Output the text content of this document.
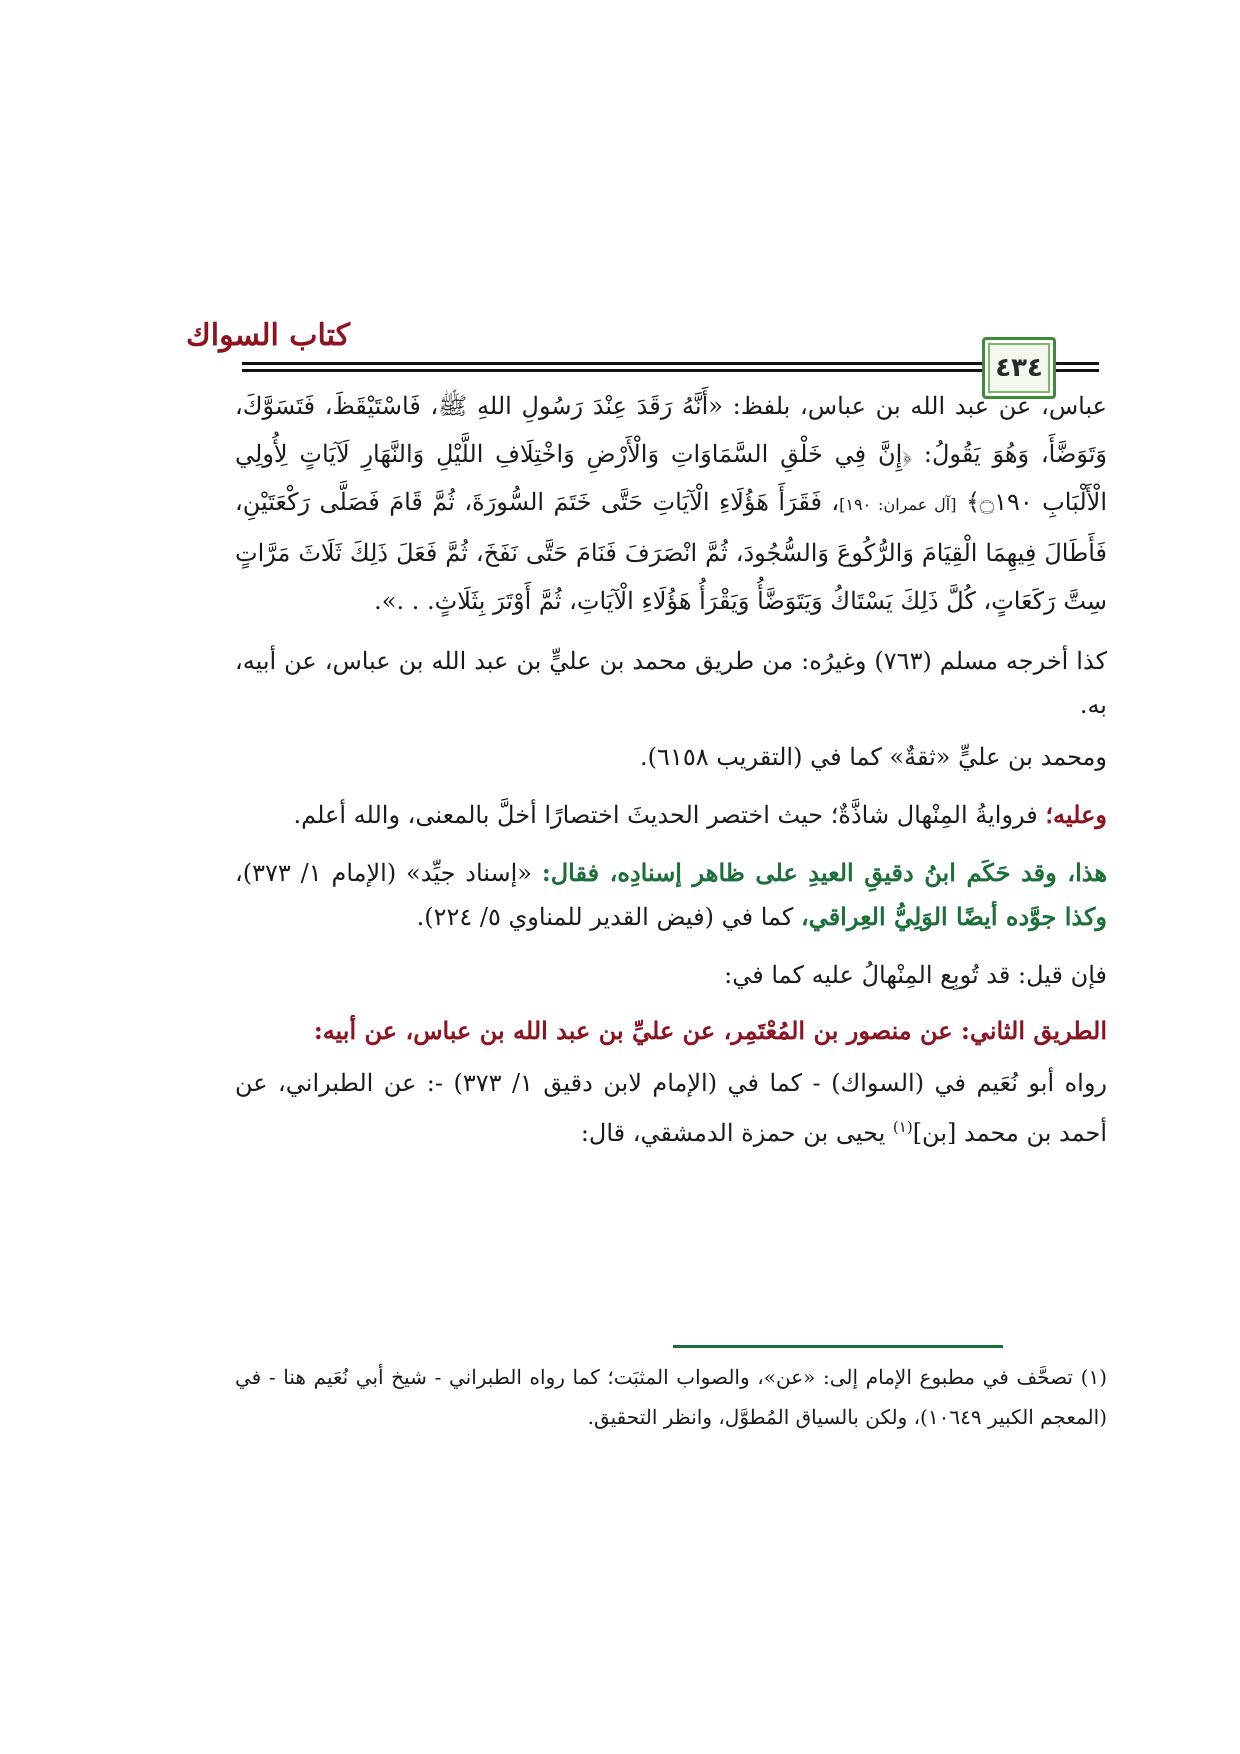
كتاب السواك
٤٣٤

عباس، عن عبد الله بن عباس، بلفظ: «أَنَّهُ رَقَدَ عِنْدَ رَسُولِ اللهِ ﷺ، فَاسْتَيْقَظَ، فَتَسَوَّكَ، وَتَوَضَّأَ، وَهُوَ يَقُولُ: ﴿إِنَّ فِي خَلْقِ السَّمَاوَاتِ وَالْأَرْضِ وَاخْتِلَافِ اللَّيْلِ وَالنَّهَارِ لَآيَاتٍ لِأُولِي الْأَلْبَابِ ۝١٩٠﴾ [آل عمران: ١٩٠]، فَقَرَأَ هَؤُلَاءِ الْآيَاتِ حَتَّى خَتَمَ السُّورَةَ، ثُمَّ قَامَ فَصَلَّى رَكْعَتَيْنِ، فَأَطَالَ فِيهِمَا الْقِيَامَ وَالرُّكُوعَ وَالسُّجُودَ، ثُمَّ انْصَرَفَ فَنَامَ حَتَّى نَفَخَ، ثُمَّ فَعَلَ ذَلِكَ ثَلَاثَ مَرَّاتٍ سِتَّ رَكَعَاتٍ، كُلَّ ذَلِكَ يَسْتَاكُ وَيَتَوَضَّأُ وَيَقْرَأُ هَؤُلَاءِ الْآيَاتِ، ثُمَّ أَوْتَرَ بِثَلَاثٍ. . .».

كذا أخرجه مسلم (٧٦٣) وغيرُه: من طريق محمد بن عليٍّ بن عبد الله بن عباس، عن أبيه، به.

ومحمد بن عليٍّ «ثقةٌ» كما في (التقريب ٦١٥٨).

وعليه؛ فروايةُ المِنْهال شاذَّةٌ؛ حيث اختصر الحديثَ اختصارًا أخلَّ بالمعنى، والله أعلم.

هذا، وقد حَكَم ابنُ دقيقِ العيدِ على ظاهر إسنادِه، فقال: «إسناد جيِّد» (الإمام ١/ ٣٧٣)، وكذا جوَّده أيضًا الوَلِيُّ العِراقي، كما في (فيض القدير للمناوي ٥/ ٢٢٤).

فإن قيل: قد تُوبِع المِنْهالُ عليه كما في:

الطريق الثاني: عن منصور بن المُعْتَمِر، عن عليِّ بن عبد الله بن عباس، عن أبيه:

رواه أبو نُعَيم في (السواك) - كما في (الإمام لابن دقيق ١/ ٣٧٣) -: عن الطبراني، عن أحمد بن محمد [بن]$^{(١)}$ يحيى بن حمزة الدمشقي، قال:

(١) تصحَّف في مطبوع الإمام إلى: «عن»، والصواب المثبَت؛ كما رواه الطبراني - شيخ أبي نُعَيم هنا - في (المعجم الكبير ١٠٦٤٩)، ولكن بالسياق المُطوَّل، وانظر التحقيق.
